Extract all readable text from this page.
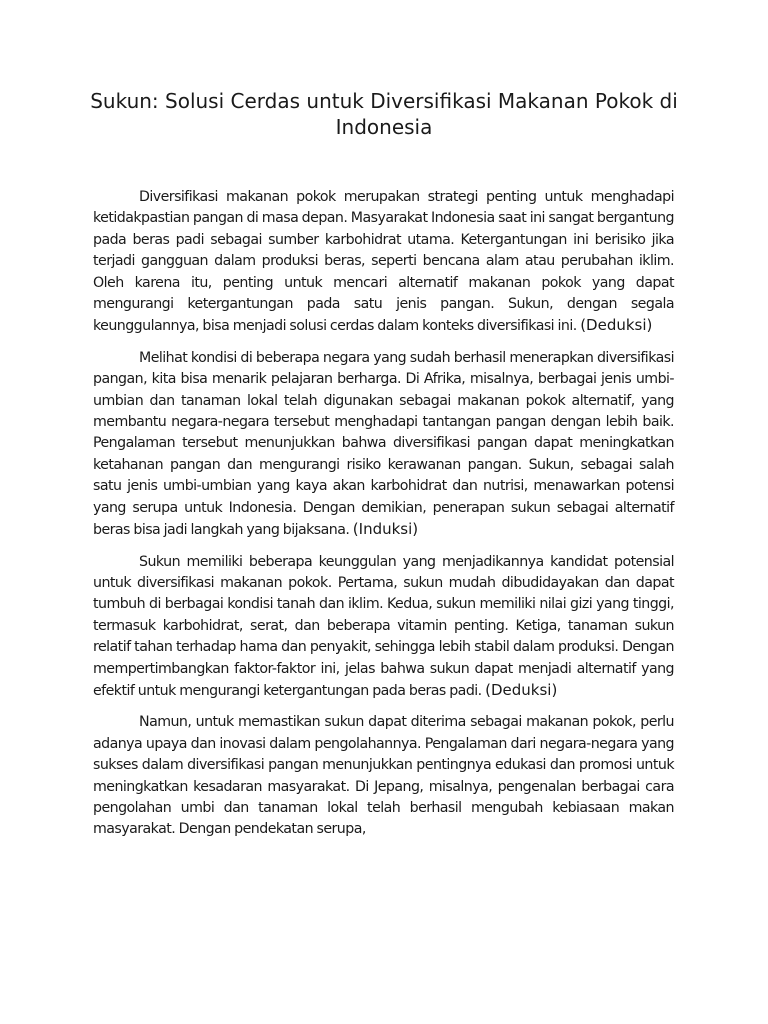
Sukun: Solusi Cerdas untuk Diversifikasi Makanan Pokok di Indonesia

Diversifikasi makanan pokok merupakan strategi penting untuk menghadapi ketidakpastian pangan di masa depan. Masyarakat Indonesia saat ini sangat bergantung pada beras padi sebagai sumber karbohidrat utama. Ketergantungan ini berisiko jika terjadi gangguan dalam produksi beras, seperti bencana alam atau perubahan iklim. Oleh karena itu, penting untuk mencari alternatif makanan pokok yang dapat mengurangi ketergantungan pada satu jenis pangan. Sukun, dengan segala keunggulannya, bisa menjadi solusi cerdas dalam konteks diversifikasi ini. (Deduksi)

Melihat kondisi di beberapa negara yang sudah berhasil menerapkan diversifikasi pangan, kita bisa menarik pelajaran berharga. Di Afrika, misalnya, berbagai jenis umbi-umbian dan tanaman lokal telah digunakan sebagai makanan pokok alternatif, yang membantu negara-negara tersebut menghadapi tantangan pangan dengan lebih baik. Pengalaman tersebut menunjukkan bahwa diversifikasi pangan dapat meningkatkan ketahanan pangan dan mengurangi risiko kerawanan pangan. Sukun, sebagai salah satu jenis umbi-umbian yang kaya akan karbohidrat dan nutrisi, menawarkan potensi yang serupa untuk Indonesia. Dengan demikian, penerapan sukun sebagai alternatif beras bisa jadi langkah yang bijaksana. (Induksi)

Sukun memiliki beberapa keunggulan yang menjadikannya kandidat potensial untuk diversifikasi makanan pokok. Pertama, sukun mudah dibudidayakan dan dapat tumbuh di berbagai kondisi tanah dan iklim. Kedua, sukun memiliki nilai gizi yang tinggi, termasuk karbohidrat, serat, dan beberapa vitamin penting. Ketiga, tanaman sukun relatif tahan terhadap hama dan penyakit, sehingga lebih stabil dalam produksi. Dengan mempertimbangkan faktor-faktor ini, jelas bahwa sukun dapat menjadi alternatif yang efektif untuk mengurangi ketergantungan pada beras padi. (Deduksi)

Namun, untuk memastikan sukun dapat diterima sebagai makanan pokok, perlu adanya upaya dan inovasi dalam pengolahannya. Pengalaman dari negara-negara yang sukses dalam diversifikasi pangan menunjukkan pentingnya edukasi dan promosi untuk meningkatkan kesadaran masyarakat. Di Jepang, misalnya, pengenalan berbagai cara pengolahan umbi dan tanaman lokal telah berhasil mengubah kebiasaan makan masyarakat. Dengan pendekatan serupa,
